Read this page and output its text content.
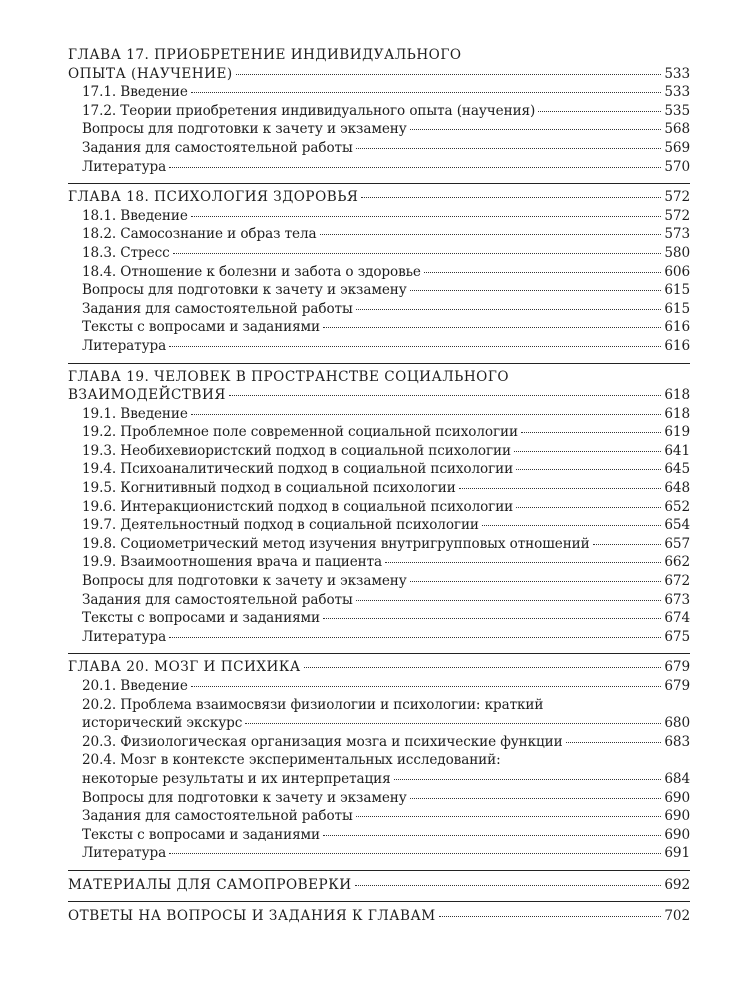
ГЛАВА 17. ПРИОБРЕТЕНИЕ ИНДИВИДУАЛЬНОГО
ОПЫТА (НАУЧЕНИЕ)	533
17.1. Введение	533
17.2. Теории приобретения индивидуального опыта (научения)	535
Вопросы для подготовки к зачету и экзамену	568
Задания для самостоятельной работы	569
Литература	570
ГЛАВА 18. ПСИХОЛОГИЯ ЗДОРОВЬЯ	572
18.1. Введение	572
18.2. Самосознание и образ тела	573
18.3. Стресс	580
18.4. Отношение к болезни и забота о здоровье	606
Вопросы для подготовки к зачету и экзамену	615
Задания для самостоятельной работы	615
Тексты с вопросами и заданиями	616
Литература	616
ГЛАВА 19. ЧЕЛОВЕК В ПРОСТРАНСТВЕ СОЦИАЛЬНОГО
ВЗАИМОДЕЙСТВИЯ	618
19.1. Введение	618
19.2. Проблемное поле современной социальной психологии	619
19.3. Необихевиористский подход в социальной психологии	641
19.4. Психоаналитический подход в социальной психологии	645
19.5. Когнитивный подход в социальной психологии	648
19.6. Интеракционистский подход в социальной психологии	652
19.7. Деятельностный подход в социальной психологии	654
19.8. Социометрический метод изучения внутригрупповых отношений	657
19.9. Взаимоотношения врача и пациента	662
Вопросы для подготовки к зачету и экзамену	672
Задания для самостоятельной работы	673
Тексты с вопросами и заданиями	674
Литература	675
ГЛАВА 20. МОЗГ И ПСИХИКА	679
20.1. Введение	679
20.2. Проблема взаимосвязи физиологии и психологии: краткий
исторический экскурс	680
20.3. Физиологическая организация мозга и психические функции	683
20.4. Мозг в контексте экспериментальных исследований:
некоторые результаты и их интерпретация	684
Вопросы для подготовки к зачету и экзамену	690
Задания для самостоятельной работы	690
Тексты с вопросами и заданиями	690
Литература	691
МАТЕРИАЛЫ ДЛЯ САМОПРОВЕРКИ	692
ОТВЕТЫ НА ВОПРОСЫ И ЗАДАНИЯ К ГЛАВАМ	702
